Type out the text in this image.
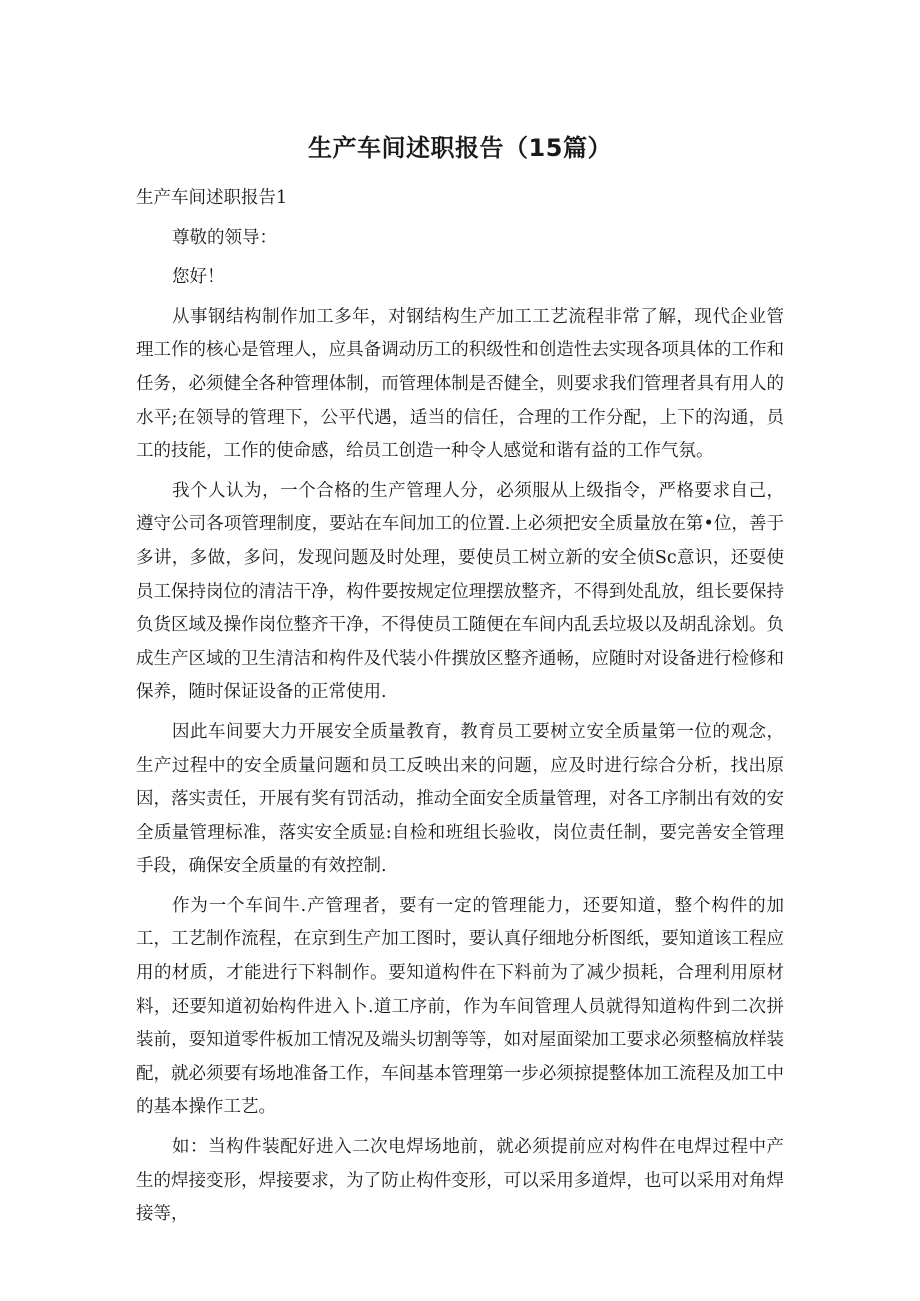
生产车间述职报告（15篇）

生产车间述职报告1

尊敬的领导：

您好！

从事钢结构制作加工多年，对钢结构生产加工工艺流程非常了解，现代企业管理工作的核心是管理人，应具备调动历工的积级性和创造性去实现各项具体的工作和任务，必须健全各种管理体制，而管理体制是否健全，则要求我们管理者具有用人的水平;在领导的管理下，公平代遇，适当的信任，合理的工作分配，上下的沟通，员工的技能，工作的使命感，给员工创造一种令人感觉和谐有益的工作气氛。

我个人认为，一个合格的生产管理人分，必须服从上级指令，严格要求自己，遵守公司各项管理制度，要站在车间加工的位置.上必须把安全质量放在第•位，善于多讲，多做，多问，发现问题及时处理，要使员工树立新的安全侦Sc意识，还耍使员工保持岗位的清洁干净，构件要按规定位理摆放整齐，不得到处乱放，组长要保持负货区域及操作岗位整齐干净，不得使员工随便在车间内乱丢垃圾以及胡乱涂划。负成生产区域的卫生清洁和构件及代装小件撰放区整齐通畅，应随时对设备进行检修和保养，随时保证设备的正常使用.

因此车间要大力开展安全质量教育，教育员工要树立安全质量第一位的观念，生产过程中的安全质量问题和员工反映出来的问题，应及时进行综合分析，找出原因，落实责任，开展有奖有罚活动，推动全面安全质量管理，对各工序制出有效的安全质量管理标准，落实安全质显:自检和班组长验收，岗位责任制，要完善安全管理手段，确保安全质量的有效控制.

作为一个车间牛.产管理者，要有一定的管理能力，还要知道，整个构件的加工，工艺制作流程，在京到生产加工图时，要认真仔细地分析图纸，要知道该工程应用的材质，才能进行下料制作。要知道构件在下料前为了减少损耗，合理利用原材料，还要知道初始构件进入卜.道工序前，作为车间管理人员就得知道构件到二次拼装前，耍知道零件板加工情况及端头切割等等，如对屋面梁加工要求必须整槁放样装配，就必须要有场地准备工作，车间基本管理第一步必须掠提整体加工流程及加工中的基本操作工艺。

如：当构件装配好进入二次电焊场地前，就必须提前应对构件在电焊过程中产生的焊接变形，焊接要求，为了防止构件变形，可以采用多道焊，也可以采用对角焊接等，
